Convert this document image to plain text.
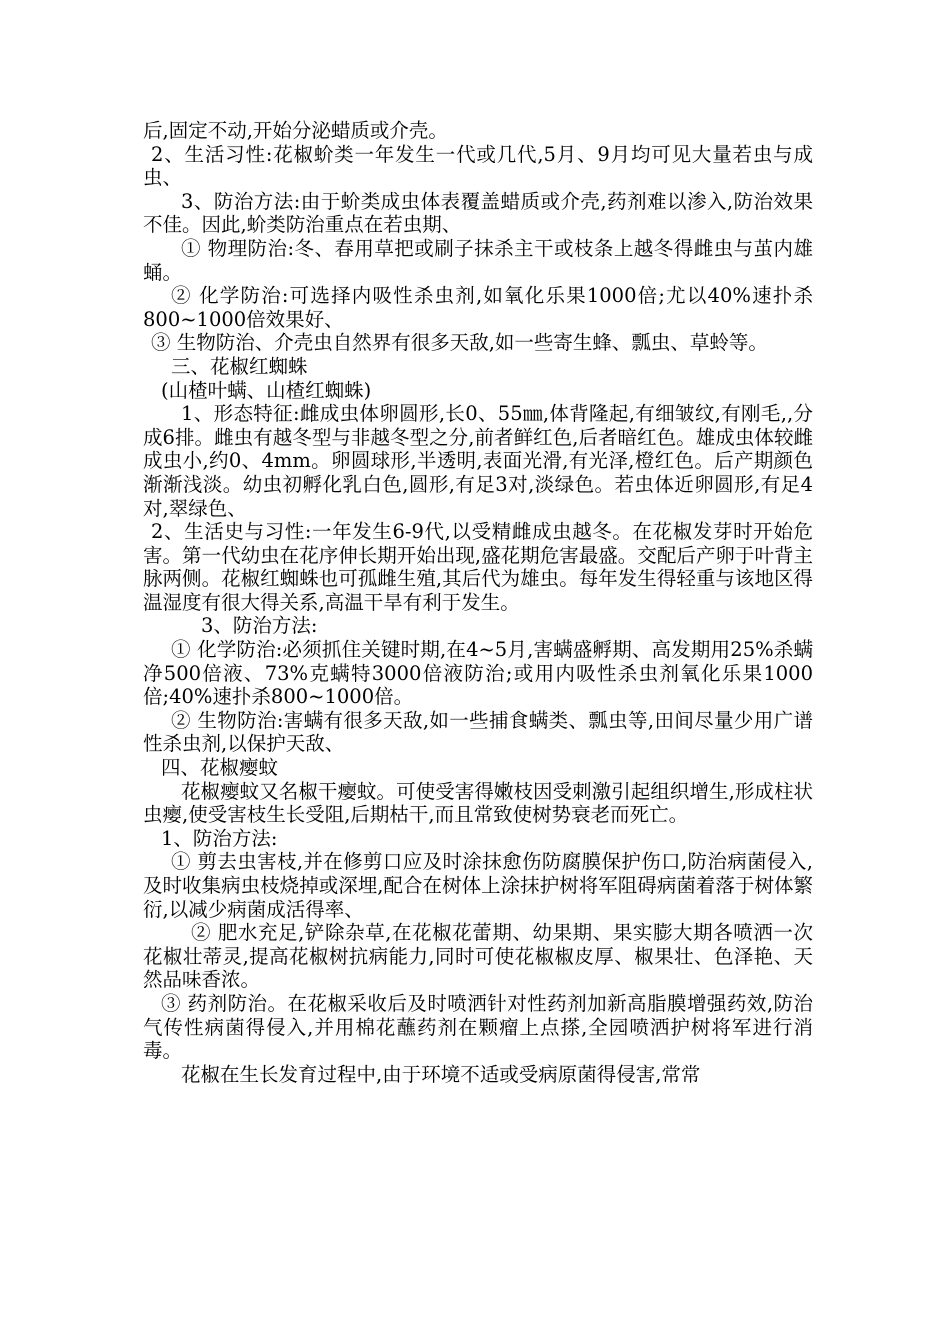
后,固定不动,开始分泌蜡质或介壳。

2、生活习性:花椒蚧类一年发生一代或几代,5月、9月均可见大量若虫与成虫、

3、防治方法:由于蚧类成虫体表覆盖蜡质或介壳,药剂难以渗入,防治效果不佳。因此,蚧类防治重点在若虫期、

① 物理防治:冬、春用草把或刷子抹杀主干或枝条上越冬得雌虫与茧内雄蛹。

② 化学防治:可选择内吸性杀虫剂,如氧化乐果1000倍;尤以40%速扑杀800~1000倍效果好、

③ 生物防治、介壳虫自然界有很多天敌,如一些寄生蜂、瓢虫、草蛉等。

三、花椒红蜘蛛

(山楂叶螨、山楂红蜘蛛)

1、形态特征:雌成虫体卵圆形,长0、55㎜,体背隆起,有细皱纹,有刚毛,,分成6排。雌虫有越冬型与非越冬型之分,前者鲜红色,后者暗红色。雄成虫体较雌成虫小,约0、4mm。卵圆球形,半透明,表面光滑,有光泽,橙红色。后产期颜色渐渐浅淡。幼虫初孵化乳白色,圆形,有足3对,淡绿色。若虫体近卵圆形,有足4对,翠绿色、

2、生活史与习性:一年发生6-9代,以受精雌成虫越冬。在花椒发芽时开始危害。第一代幼虫在花序伸长期开始出现,盛花期危害最盛。交配后产卵于叶背主脉两侧。花椒红蜘蛛也可孤雌生殖,其后代为雄虫。每年发生得轻重与该地区得温湿度有很大得关系,高温干旱有利于发生。

3、防治方法:

① 化学防治:必须抓住关键时期,在4~5月,害螨盛孵期、高发期用25%杀螨净500倍液、73%克螨特3000倍液防治;或用内吸性杀虫剂氧化乐果1000倍;40%速扑杀800~1000倍。

② 生物防治:害螨有很多天敌,如一些捕食螨类、瓢虫等,田间尽量少用广谱性杀虫剂,以保护天敌、

四、花椒瘿蚊

花椒瘿蚊又名椒干瘿蚊。可使受害得嫩枝因受刺激引起组织增生,形成柱状虫瘿,使受害枝生长受阻,后期枯干,而且常致使树势衰老而死亡。

1、防治方法:

① 剪去虫害枝,并在修剪口应及时涂抹愈伤防腐膜保护伤口,防治病菌侵入,及时收集病虫枝烧掉或深埋,配合在树体上涂抹护树将军阻碍病菌着落于树体繁衍,以减少病菌成活得率、

② 肥水充足,铲除杂草,在花椒花蕾期、幼果期、果实膨大期各喷洒一次花椒壮蒂灵,提高花椒树抗病能力,同时可使花椒椒皮厚、椒果壮、色泽艳、天然品味香浓。

③ 药剂防治。在花椒采收后及时喷洒针对性药剂加新高脂膜增强药效,防治气传性病菌得侵入,并用棉花蘸药剂在颗瘤上点搽,全园喷洒护树将军进行消毒。

花椒在生长发育过程中,由于环境不适或受病原菌得侵害,常常
